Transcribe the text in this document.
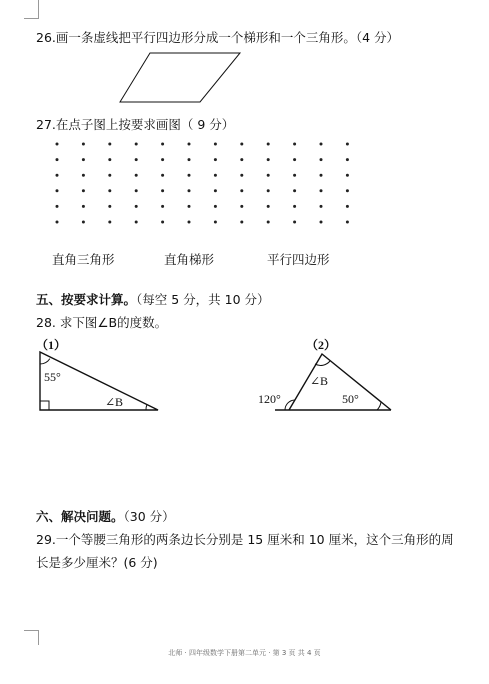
26.画一条虚线把平行四边形分成一个梯形和一个三角形。（4 分）
27.在点子图上按要求画图（ 9 分）
直角三角形	直角梯形	平行四边形
五、按要求计算。（每空 5 分，共 10 分）
28. 求下图∠B的度数。
（1）
55°
∠B
（2）
∠B
120°	50°
六、解决问题。（30 分）
29.一个等腰三角形的两条边长分别是 15 厘米和 10 厘米，这个三角形的周
长是多少厘米？(6 分)
北师 · 四年级数学下册第二单元 · 第 3 页 共 4 页
